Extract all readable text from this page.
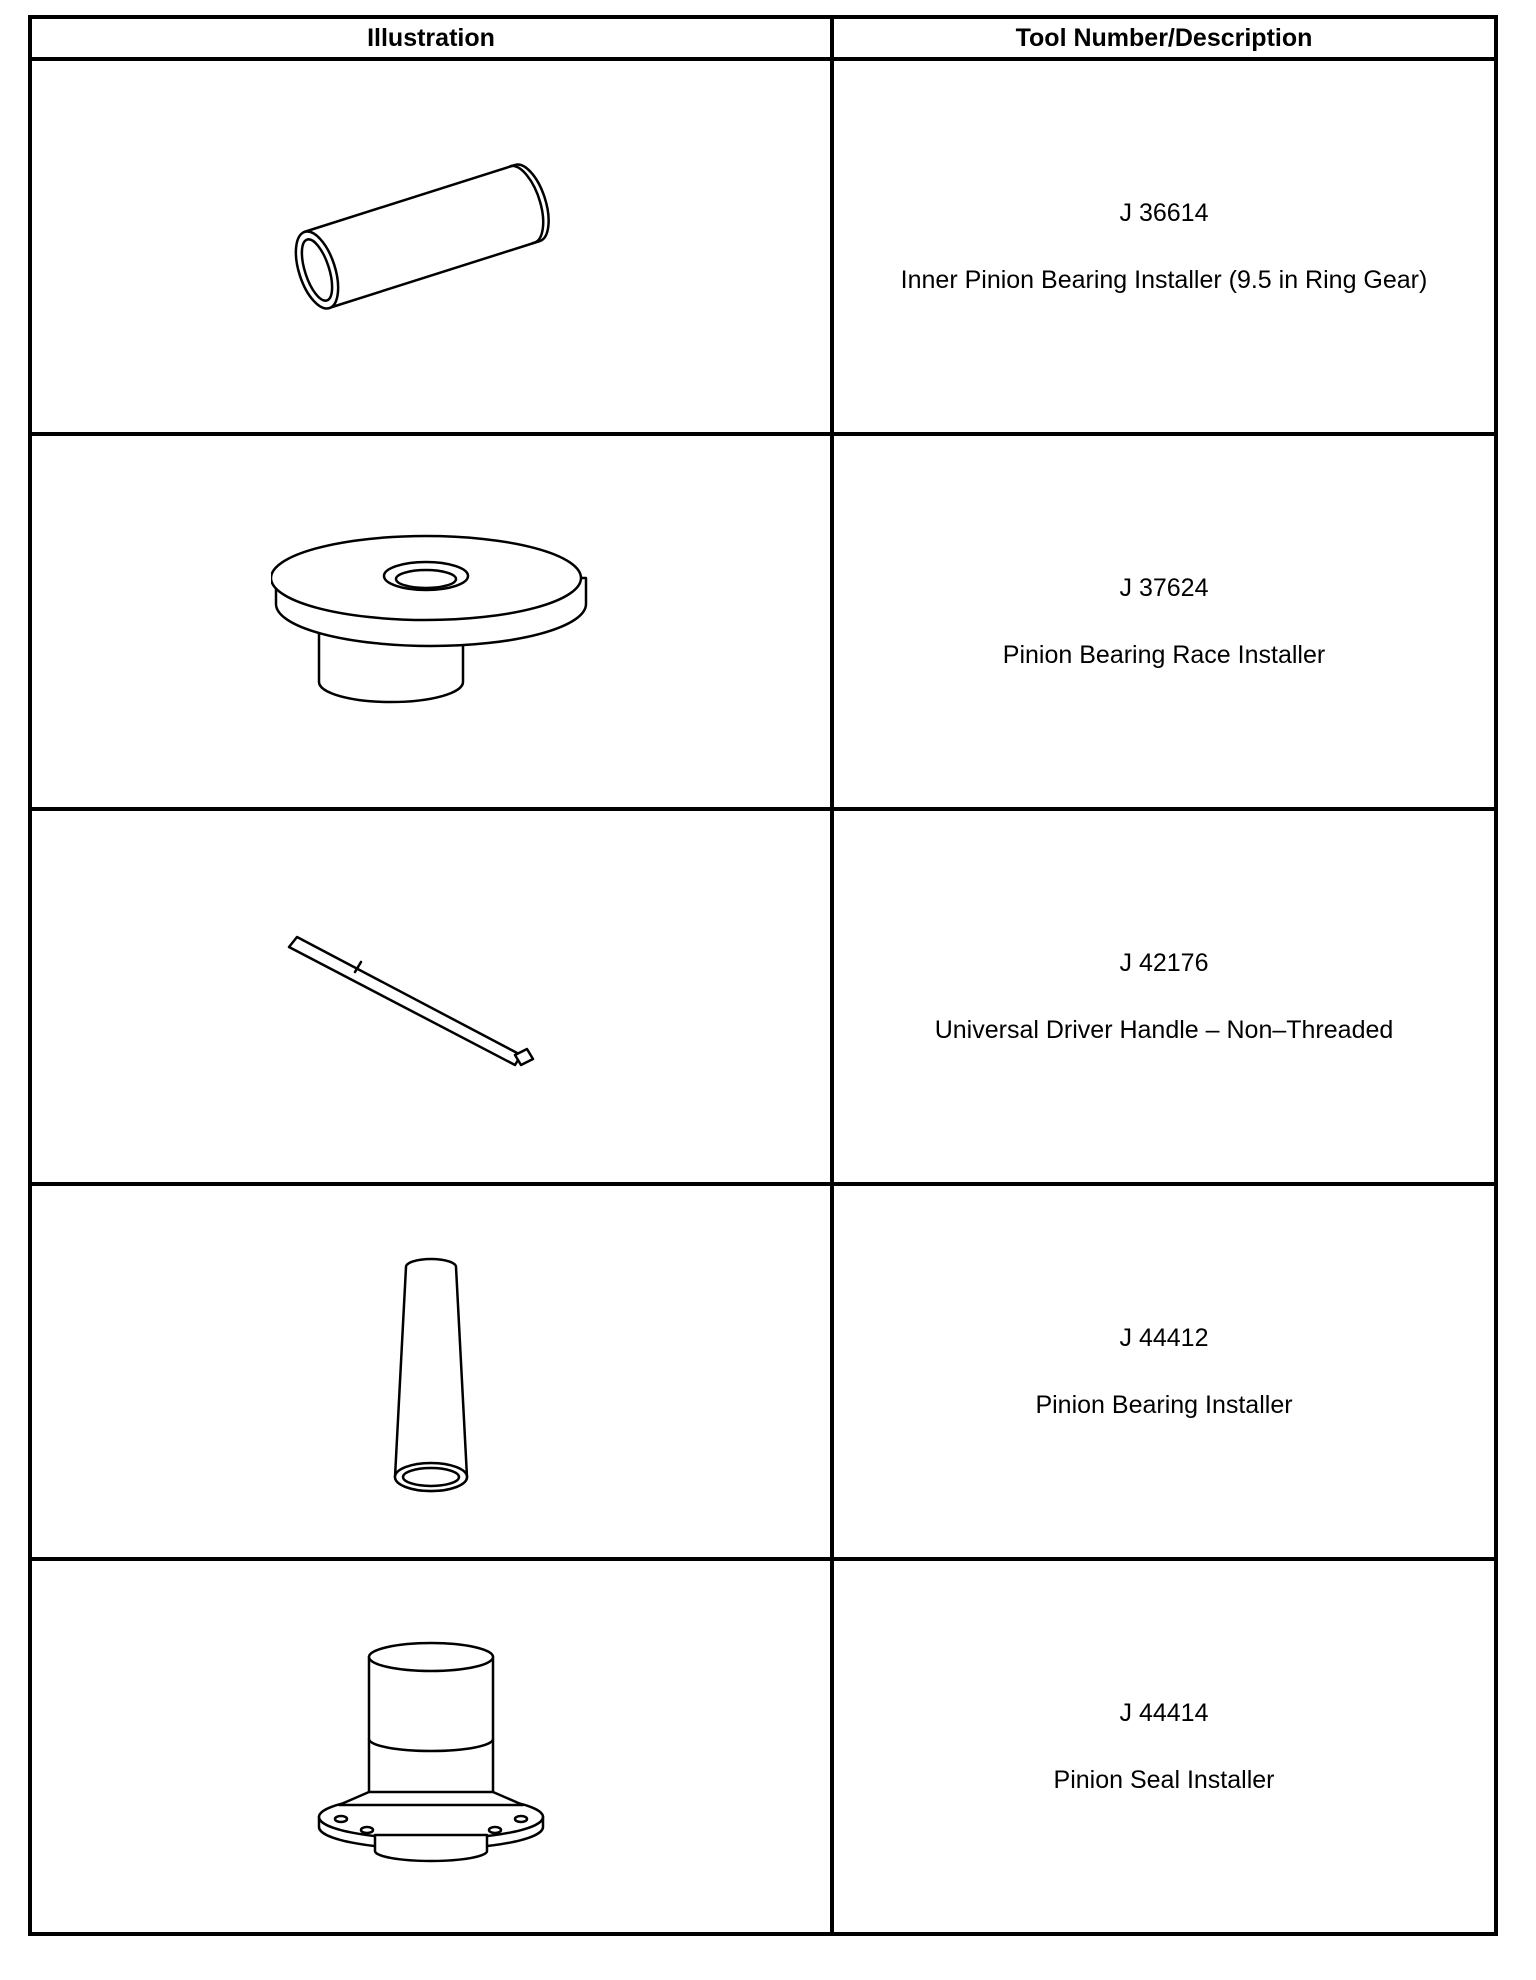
Illustration	Tool Number/Description

J 36614
Inner Pinion Bearing Installer (9.5 in Ring Gear)

J 37624
Pinion Bearing Race Installer

J 42176
Universal Driver Handle – Non–Threaded

J 44412
Pinion Bearing Installer

J 44414
Pinion Seal Installer
